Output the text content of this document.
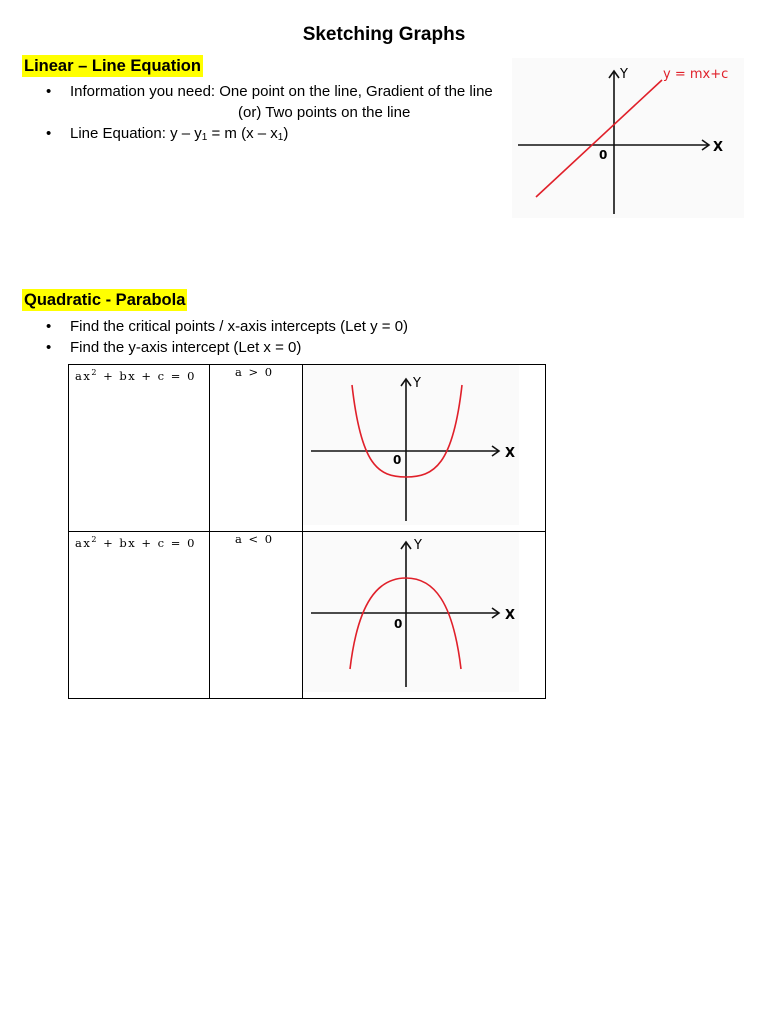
Sketching Graphs
Linear – Line Equation
• Information you need: One point on the line, Gradient of the line
(or) Two points on the line
• Line Equation: $y - y_1 = m$ $(x - x_1)$
Y
X
0
y = mx+c
Quadratic - Parabola
• Find the critical points / x-axis intercepts (Let y = 0)
• Find the y-axis intercept (Let x = 0)
$ax^2$ + bx + c = 0	a > 0	Y
X
0

$ax^2$ + bx + c = 0	a < 0	Y
X
0
